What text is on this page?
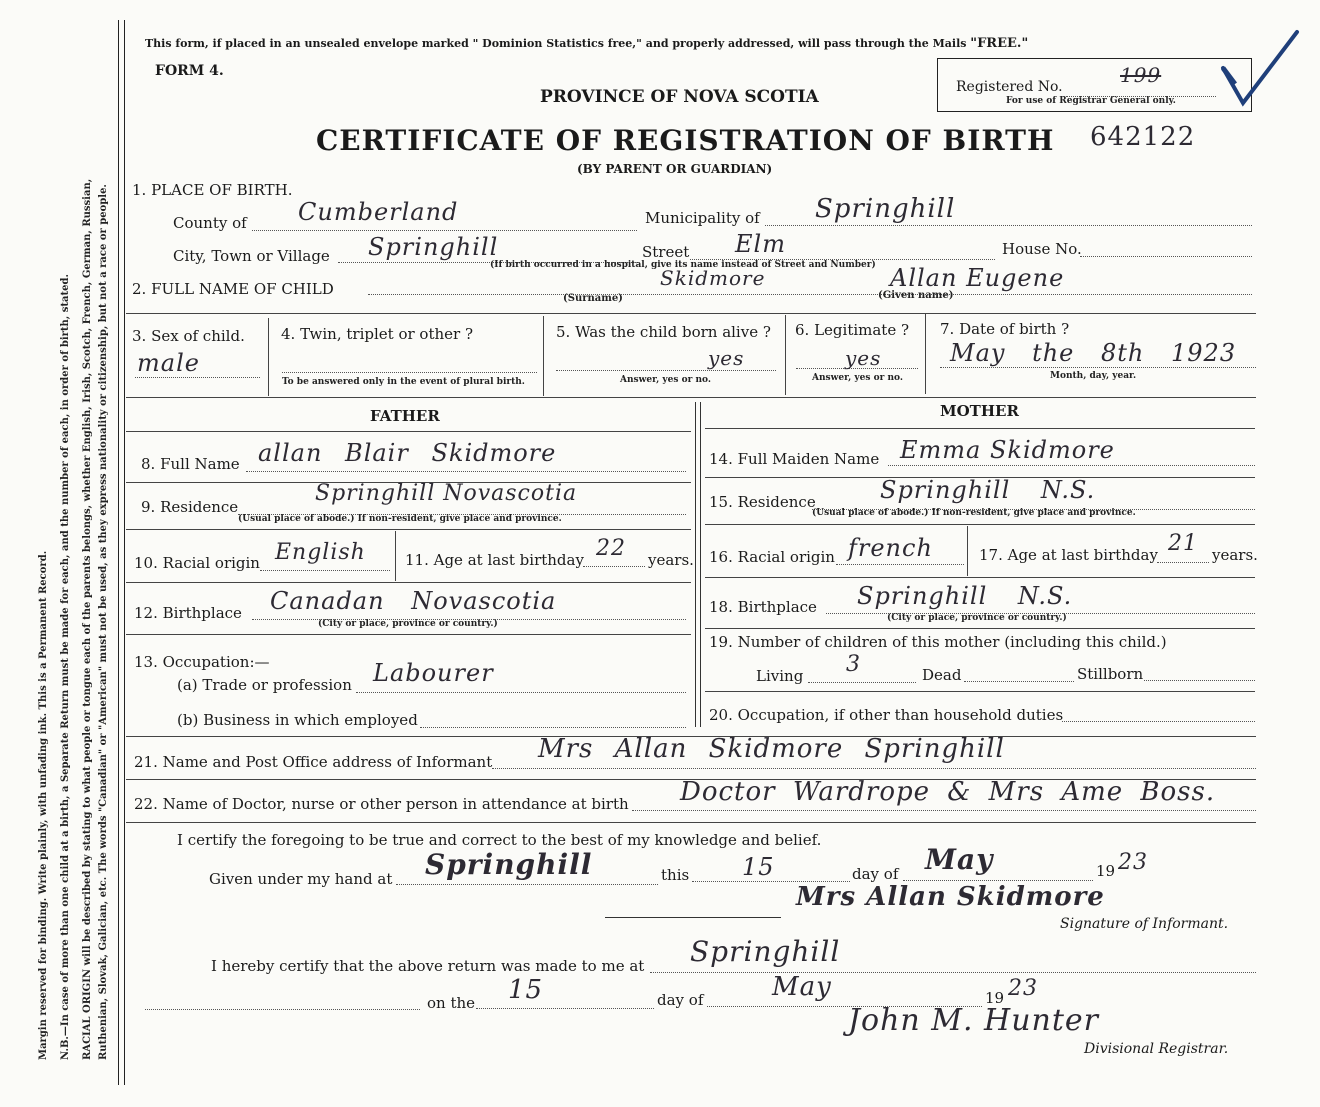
Margin reserved for binding. Write plainly, with unfading ink. This is a Permanent Record. N.B.—In case of more than one child at a birth, a Separate Return must be made for each, and the number of each, in order of birth, stated. RACIAL ORIGIN will be described by stating to what people or tongue each of the parents belongs, whether English, Irish, Scotch, French, German, Russian, Ruthenian, Slovak, Galician, etc. The words "Canadian" or "American" must not be used, as they express nationality or citizenship, but not a race or people.
This form, if placed in an unsealed envelope marked " Dominion Statistics free," and properly addressed, will pass through the Mails "FREE."
FORM 4.
PROVINCE OF NOVA SCOTIA	Registered No.	199
For use of Registrar General only.
CERTIFICATE OF REGISTRATION OF BIRTH 642122
(BY PARENT OR GUARDIAN)
1. PLACE OF BIRTH.
County of Cumberland	Municipality of Springhill
City, Town or Village Springhill	Street Elm
(If birth occurred in a hospital, give its name instead of Street and Number)
House No.
2. FULL NAME OF CHILD	Skidmore	Allan Eugene
(Surname)	(Given name)
3. Sex of child.
male
4. Twin, triplet or other ?
To be answered only in the event of plural birth.
5. Was the child born alive ?
yes
Answer, yes or no.
6. Legitimate ?
yes
Answer, yes or no.
7. Date of birth ?
May the 8th 1923
Month, day, year.
FATHER	MOTHER
8. Full Name allan Blair Skidmore
9. Residence
Springhill Novascotia
(Usual place of abode.) If non-resident, give place and province.
10. Racial origin English	11. Age at last birthday 22 years.
12. Birthplace Canadan Novascotia
(City or place, province or country.)
13. Occupation:—
(a) Trade or profession Labourer
(b) Business in which employed
14. Full Maiden Name Emma Skidmore
15. Residence	Springhill N.S.
(Usual place of abode.) If non-resident, give place and province.
16. Racial origin french	17. Age at last birthday 21 years.
18. Birthplace Springhill N.S.
(City or place, province or country.)
19. Number of children of this mother (including this child.)
Living 3	Dead	Stillborn
20. Occupation, if other than household duties
21. Name and Post Office address of Informant Mrs Allan Skidmore Springhill
22. Name of Doctor, nurse or other person in attendance at birth Doctor Wardrope & Mrs Ame Boss.
I certify the foregoing to be true and correct to the best of my knowledge and belief.
Given under my hand at Springhill	this 15	day of May	19 23
Mrs Allan Skidmore
Signature of Informant.
I hereby certify that the above return was made to me at Springhill
on the 15	day of	May	19 23
John M. Hunter
Divisional Registrar.
